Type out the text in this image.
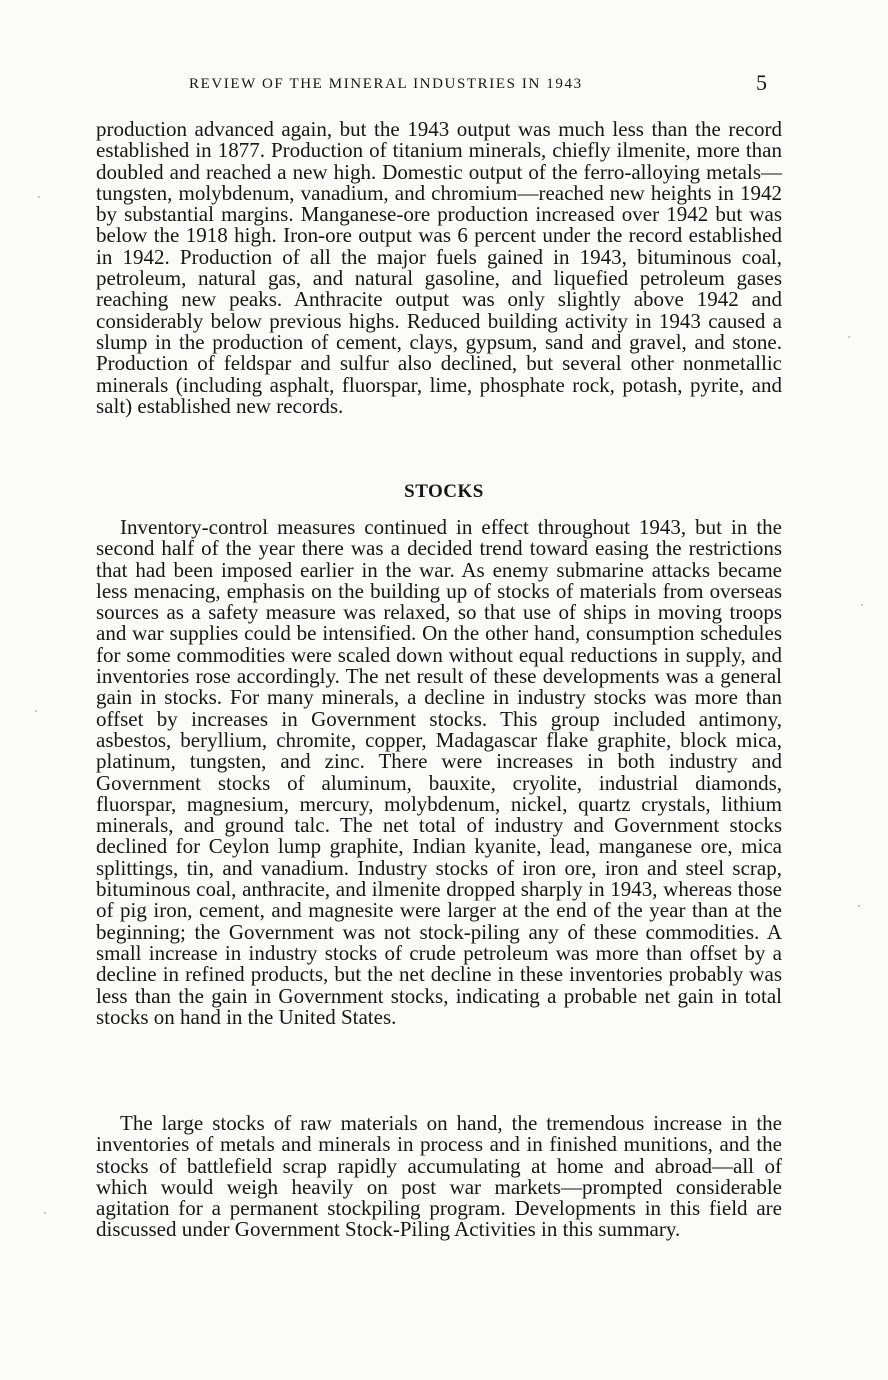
REVIEW OF THE MINERAL INDUSTRIES IN 1943	5
production advanced again, but the 1943 output was much less than the record established in 1877. Production of titanium minerals, chiefly ilmenite, more than doubled and reached a new high. Domestic output of the ferro-alloying metals—tungsten, molybdenum, vanadium, and chromium—reached new heights in 1942 by substantial margins. Manganese-ore production increased over 1942 but was below the 1918 high. Iron-ore output was 6 percent under the record established in 1942. Production of all the major fuels gained in 1943, bituminous coal, petroleum, natural gas, and natural gasoline, and liquefied petroleum gases reaching new peaks. Anthracite output was only slightly above 1942 and considerably below previous highs. Reduced building activity in 1943 caused a slump in the production of cement, clays, gypsum, sand and gravel, and stone. Production of feldspar and sulfur also declined, but several other nonmetallic minerals (including asphalt, fluorspar, lime, phosphate rock, potash, pyrite, and salt) established new records.
STOCKS
Inventory-control measures continued in effect throughout 1943, but in the second half of the year there was a decided trend toward easing the restrictions that had been imposed earlier in the war. As enemy submarine attacks became less menacing, emphasis on the building up of stocks of materials from overseas sources as a safety measure was relaxed, so that use of ships in moving troops and war supplies could be intensified. On the other hand, consumption schedules for some commodities were scaled down without equal reductions in supply, and inventories rose accordingly. The net result of these developments was a general gain in stocks. For many minerals, a decline in industry stocks was more than offset by increases in Government stocks. This group included antimony, asbestos, beryllium, chromite, copper, Madagascar flake graphite, block mica, platinum, tungsten, and zinc. There were increases in both industry and Government stocks of aluminum, bauxite, cryolite, industrial diamonds, fluorspar, magnesium, mercury, molybdenum, nickel, quartz crystals, lithium minerals, and ground talc. The net total of industry and Government stocks declined for Ceylon lump graphite, Indian kyanite, lead, manganese ore, mica splittings, tin, and vanadium. Industry stocks of iron ore, iron and steel scrap, bituminous coal, anthracite, and ilmenite dropped sharply in 1943, whereas those of pig iron, cement, and magnesite were larger at the end of the year than at the beginning; the Government was not stock-piling any of these commodities. A small increase in industry stocks of crude petroleum was more than offset by a decline in refined products, but the net decline in these inventories probably was less than the gain in Government stocks, indicating a probable net gain in total stocks on hand in the United States.
The large stocks of raw materials on hand, the tremendous increase in the inventories of metals and minerals in process and in finished munitions, and the stocks of battlefield scrap rapidly accumulating at home and abroad—all of which would weigh heavily on post war markets—prompted considerable agitation for a permanent stockpiling program. Developments in this field are discussed under Government Stock-Piling Activities in this summary.
